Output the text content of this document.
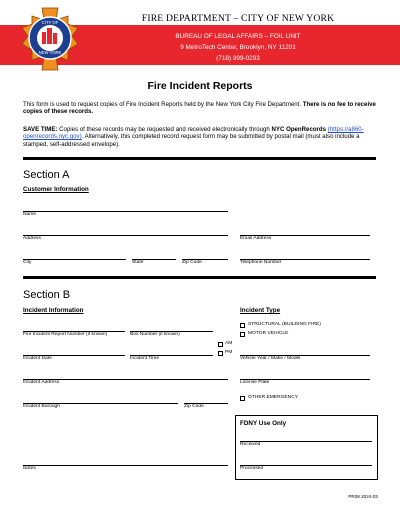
BUREAU OF LEGAL AFFAIRS – FOIL UNIT
9 MetroTech Center, Brooklyn, NY 11201
(718) 999-0293
CITY OF
NEW YORK
FIRE DEPARTMENT – CITY OF NEW YORK
Fire Incident Reports
This form is used to request copies of Fire Incident Reports held by the New York City Fire Department. There is no fee to receive copies of these records.
SAVE TIME: Copies of these records may be requested and received electronically through NYC OpenRecords (https://a860-openrecords.nyc.gov). Alternatively, this completed record request form may be submitted by postal mail (must also include a stamped, self-addressed envelope).
Section A
Customer Information
Name
Address	Email Address
City	State	Zip Code	Telephone Number
Section B
Incident Information	Incident Type
STRUCTURAL (BUILDING FIRE)
MOTOR VEHICLE
Fire Incident Report Number (if known)	Box Number (if known)
AM
PM
Incident Date	Incident Time	Vehicle Year / Make / Model
Incident Address	License Plate
OTHER EMERGENCY
Incident Borough	Zip Code
Notes
FDNY Use Only
Received
Processed
PR08 2024-03
